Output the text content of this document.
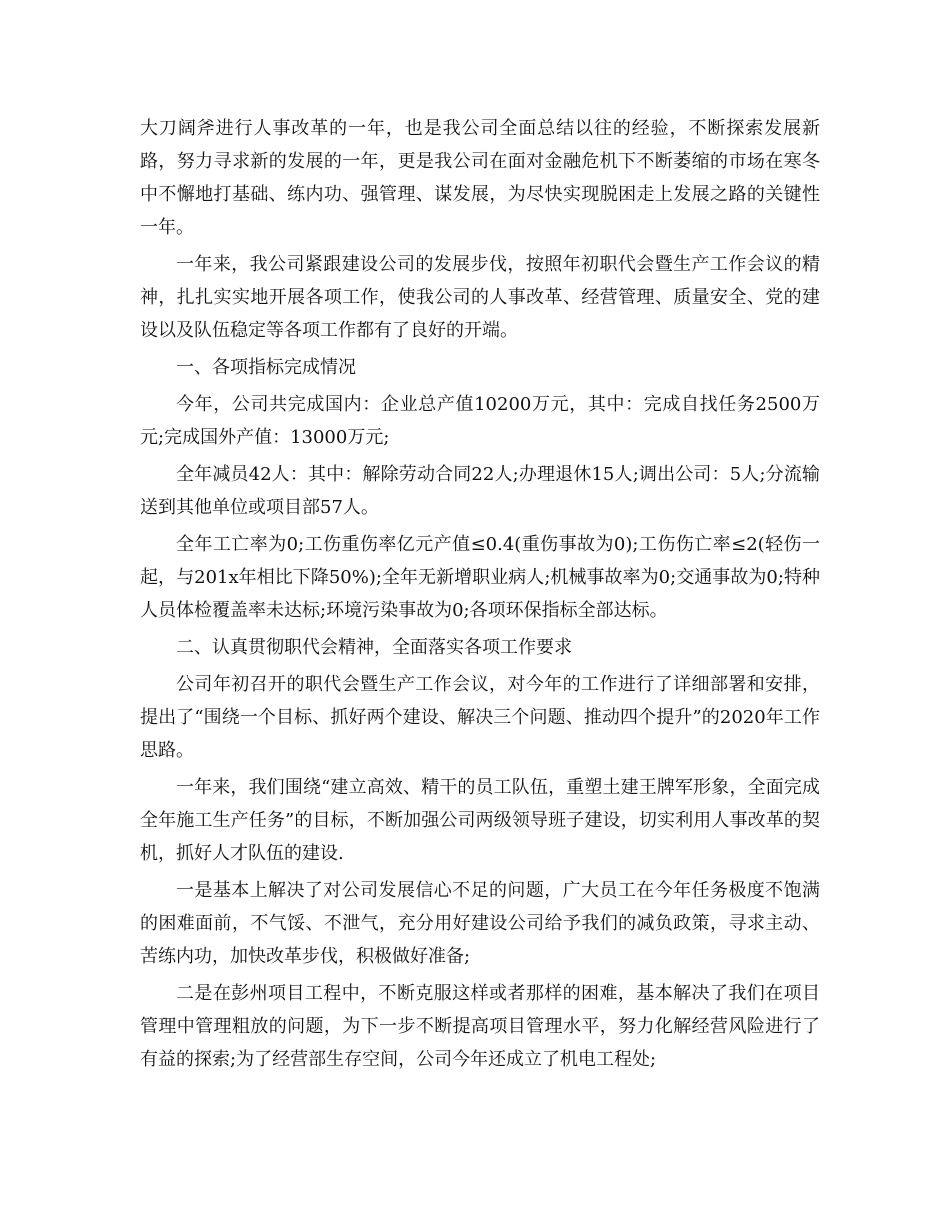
大刀阔斧进行人事改革的一年，也是我公司全面总结以往的经验，不断探索发展新路，努力寻求新的发展的一年，更是我公司在面对金融危机下不断萎缩的市场在寒冬中不懈地打基础、练内功、强管理、谋发展，为尽快实现脱困走上发展之路的关键性一年。

一年来，我公司紧跟建设公司的发展步伐，按照年初职代会暨生产工作会议的精神，扎扎实实地开展各项工作，使我公司的人事改革、经营管理、质量安全、党的建设以及队伍稳定等各项工作都有了良好的开端。

一、各项指标完成情况

今年，公司共完成国内：企业总产值10200万元，其中：完成自找任务2500万元;完成国外产值：13000万元;

全年减员42人：其中：解除劳动合同22人;办理退休15人;调出公司：5人;分流输送到其他单位或项目部57人。

全年工亡率为0;工伤重伤率亿元产值≤0.4(重伤事故为0);工伤伤亡率≤2(轻伤一起，与201x年相比下降50%);全年无新增职业病人;机械事故率为0;交通事故为0;特种人员体检覆盖率未达标;环境污染事故为0;各项环保指标全部达标。

二、认真贯彻职代会精神，全面落实各项工作要求

公司年初召开的职代会暨生产工作会议，对今年的工作进行了详细部署和安排，提出了“围绕一个目标、抓好两个建设、解决三个问题、推动四个提升”的2020年工作思路。

一年来，我们围绕“建立高效、精干的员工队伍，重塑土建王牌军形象，全面完成全年施工生产任务”的目标，不断加强公司两级领导班子建设，切实利用人事改革的契机，抓好人才队伍的建设.

一是基本上解决了对公司发展信心不足的问题，广大员工在今年任务极度不饱满的困难面前，不气馁、不泄气，充分用好建设公司给予我们的减负政策，寻求主动、苦练内功，加快改革步伐，积极做好准备;

二是在彭州项目工程中，不断克服这样或者那样的困难，基本解决了我们在项目管理中管理粗放的问题，为下一步不断提高项目管理水平，努力化解经营风险进行了有益的探索;为了经营部生存空间，公司今年还成立了机电工程处;
